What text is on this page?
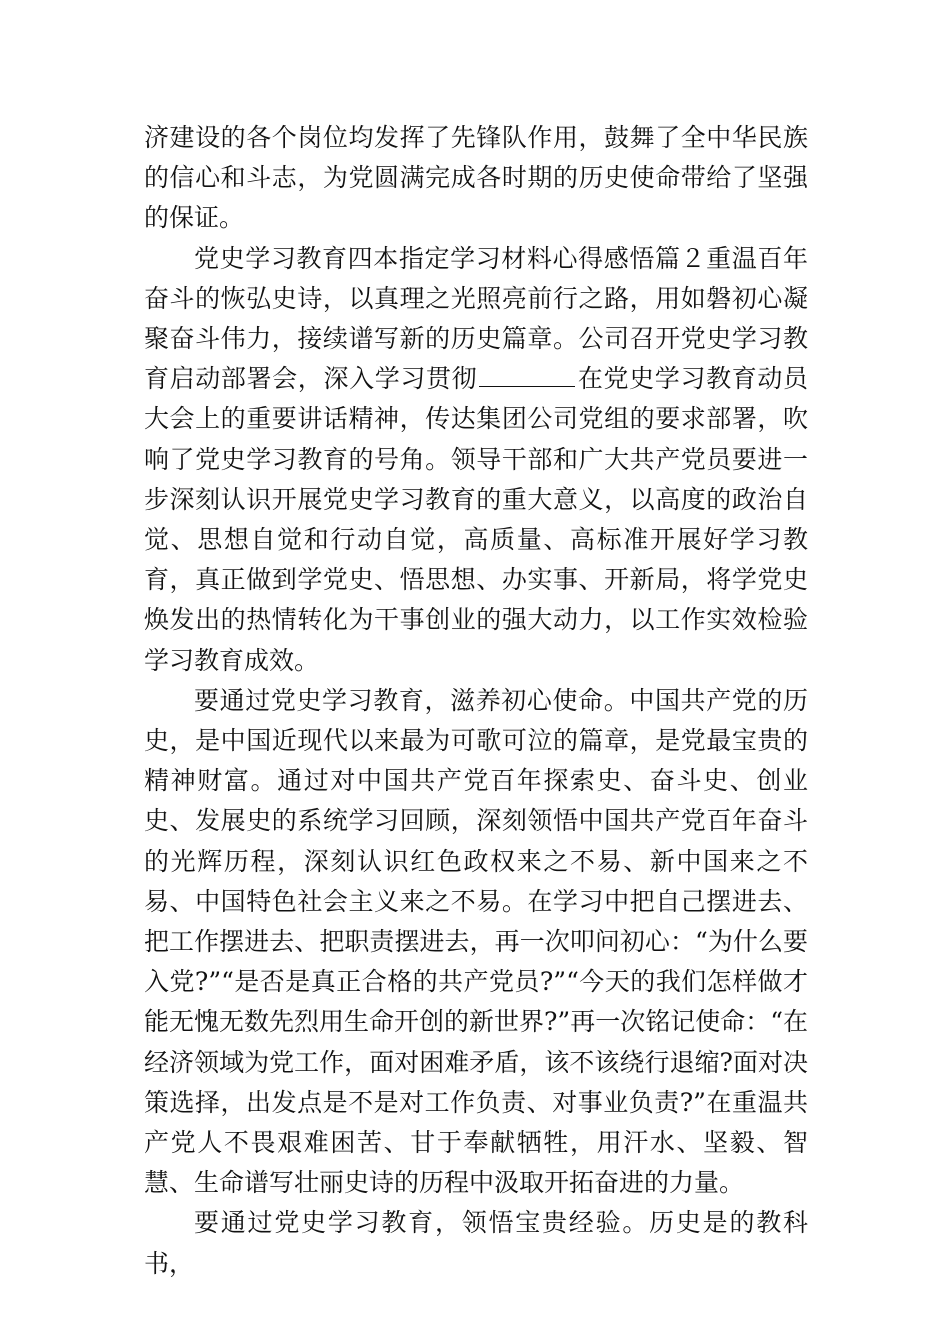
济建设的各个岗位均发挥了先锋队作用，鼓舞了全中华民族的信心和斗志，为党圆满完成各时期的历史使命带给了坚强的保证。

党史学习教育四本指定学习材料心得感悟篇２重温百年奋斗的恢弘史诗，以真理之光照亮前行之路，用如磐初心凝聚奋斗伟力，接续谱写新的历史篇章。公司召开党史学习教育启动部署会，深入学习贯彻	在党史学习教育动员大会上的重要讲话精神，传达集团公司党组的要求部署，吹响了党史学习教育的号角。领导干部和广大共产党员要进一步深刻认识开展党史学习教育的重大意义，以高度的政治自觉、思想自觉和行动自觉，高质量、高标准开展好学习教育，真正做到学党史、悟思想、办实事、开新局，将学党史焕发出的热情转化为干事创业的强大动力，以工作实效检验学习教育成效。

要通过党史学习教育，滋养初心使命。中国共产党的历史，是中国近现代以来最为可歌可泣的篇章，是党最宝贵的精神财富。通过对中国共产党百年探索史、奋斗史、创业史、发展史的系统学习回顾，深刻领悟中国共产党百年奋斗的光辉历程，深刻认识红色政权来之不易、新中国来之不易、中国特色社会主义来之不易。在学习中把自己摆进去、把工作摆进去、把职责摆进去，再一次叩问初心：“为什么要入党?”“是否是真正合格的共产党员?”“今天的我们怎样做才能无愧无数先烈用生命开创的新世界?”再一次铭记使命：“在经济领域为党工作，面对困难矛盾，该不该绕行退缩?面对决策选择，出发点是不是对工作负责、对事业负责?”在重温共产党人不畏艰难困苦、甘于奉献牺牲，用汗水、坚毅、智慧、生命谱写壮丽史诗的历程中汲取开拓奋进的力量。

要通过党史学习教育，领悟宝贵经验。历史是的教科书，
